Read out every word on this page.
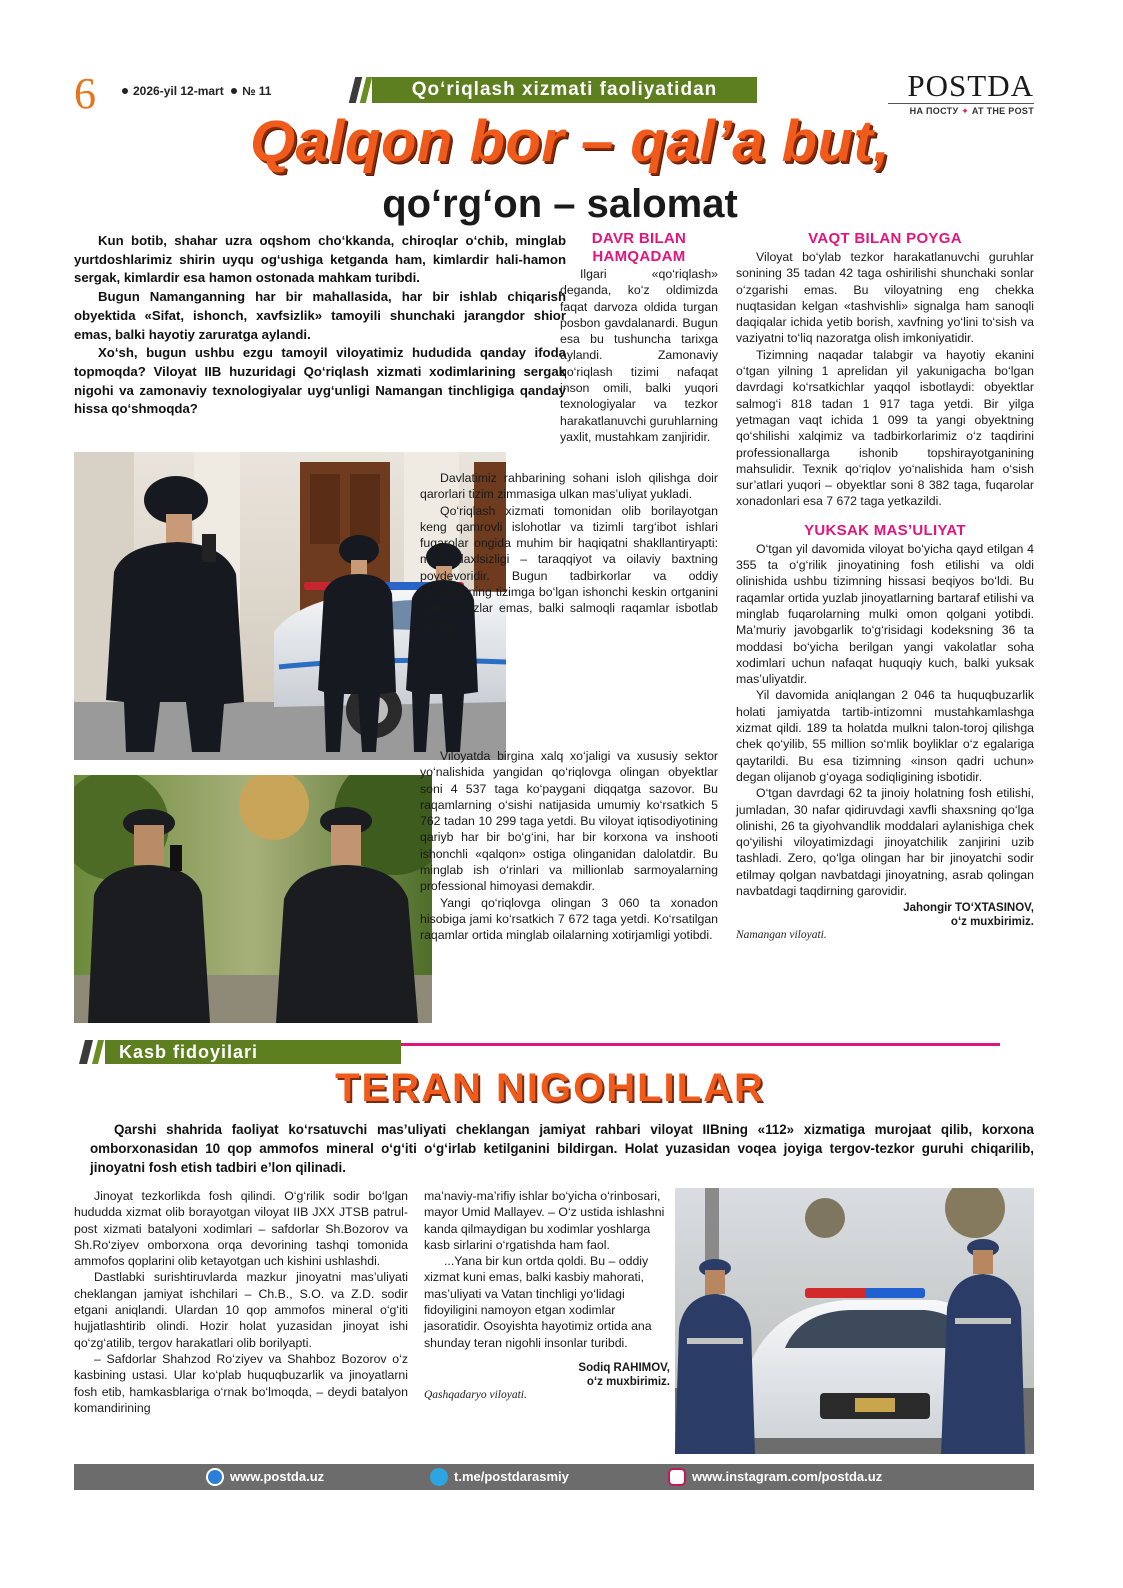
6	2026-yil 12-mart № 11	Qo‘riqlash xizmati faoliyatidan	POSTDA
НА ПОСТУ ✦ AT THE POST
Qalqon bor – qal’a but,
qo‘rg‘on – salomat

Kun botib, shahar uzra oqshom cho‘kkanda, chiroqlar o‘chib, minglab yurtdoshlarimiz shirin uyqu og‘ushiga ketganda ham, kimlardir hali-hamon sergak, kimlardir esa hamon ostonada mahkam turibdi.

Bugun Namanganning har bir mahallasida, har bir ishlab chiqarish obyektida «Sifat, ishonch, xavfsizlik» tamoyili shunchaki jarangdor shior emas, balki hayotiy zaruratga aylandi.

Xo‘sh, bugun ushbu ezgu tamoyil viloyatimiz hududida qanday ifoda topmoqda? Viloyat IIB huzuridagi Qo‘riqlash xizmati xodimlarining sergak nigohi va zamonaviy texnologiyalar uyg‘unligi Namangan tinchligiga qanday hissa qo‘shmoqda?

DAVR BILAN HAMQADAM

Ilgari «qo‘riqlash» deganda, ko‘z oldimizda faqat darvoza oldida turgan posbon gavdalanardi. Bugun esa bu tushuncha tarixga aylandi. Zamonaviy qo‘riqlash tizimi nafaqat inson omili, balki yuqori texnologiyalar va tezkor harakatlanuvchi guruhlarning yaxlit, mustahkam zanjiridir.

Davlatimiz rahbarining sohani isloh qilishga doir qarorlari tizim zimmasiga ulkan mas’uliyat yukladi.

Qo‘riqlash xizmati tomonidan olib borilayotgan keng qamrovli islohotlar va tizimli targ‘ibot ishlari fuqarolar ongida muhim bir haqiqatni shakllantiryapti: mulk daxlsizligi – taraqqiyot va oilaviy baxtning poydevoridir. Bugun tadbirkorlar va oddiy fuqarolarning tizimga bo‘lgan ishonchi keskin ortganini quruq so‘zlar emas, balki salmoqli raqamlar isbotlab turibdi.

Viloyatda birgina xalq xo‘jaligi va xususiy sektor yo‘nalishida yangidan qo‘riqlovga olingan obyektlar soni 4 537 taga ko‘paygani diqqatga sazovor. Bu raqamlarning o‘sishi natijasida umumiy ko‘rsatkich 5 762 tadan 10 299 taga yetdi. Bu viloyat iqtisodiyotining qariyb har bir bo‘g‘ini, har bir korxona va inshooti ishonchli «qalqon» ostiga olinganidan dalolatdir. Bu minglab ish o‘rinlari va millionlab sarmoyalarning professional himoyasi demakdir.

Yangi qo‘riqlovga olingan 3 060 ta xonadon hisobiga jami ko‘rsatkich 7 672 taga yetdi. Ko‘rsatilgan raqamlar ortida minglab oilalarning xotirjamligi yotibdi.

VAQT BILAN POYGA

Viloyat bo‘ylab tezkor harakatlanuvchi guruhlar sonining 35 tadan 42 taga oshirilishi shunchaki sonlar o‘zgarishi emas. Bu viloyatning eng chekka nuqtasidan kelgan «tashvishli» signalga ham sanoqli daqiqalar ichida yetib borish, xavfning yo‘lini to‘sish va vaziyatni to‘liq nazoratga olish imkoniyatidir.

Tizimning naqadar talabgir va hayotiy ekanini o‘tgan yilning 1 aprelidan yil yakunigacha bo‘lgan davrdagi ko‘rsatkichlar yaqqol isbotlaydi: obyektlar salmog‘i 818 tadan 1 917 taga yetdi. Bir yilga yetmagan vaqt ichida 1 099 ta yangi obyektning qo‘shilishi xalqimiz va tadbirkorlarimiz o‘z taqdirini professionallarga ishonib topshirayotganining mahsulidir. Texnik qo‘riqlov yo‘nalishida ham o‘sish sur’atlari yuqori – obyektlar soni 8 382 taga, fuqarolar xonadonlari esa 7 672 taga yetkazildi.

YUKSAK MAS’ULIYAT

O‘tgan yil davomida viloyat bo‘yicha qayd etilgan 4 355 ta o‘g‘rilik jinoyatining fosh etilishi va oldi olinishida ushbu tizimning hissasi beqiyos bo‘ldi. Bu raqamlar ortida yuzlab jinoyatlarning bartaraf etilishi va minglab fuqarolarning mulki omon qolgani yotibdi. Ma’muriy javobgarlik to‘g‘risidagi kodeksning 36 ta moddasi bo‘yicha berilgan yangi vakolatlar soha xodimlari uchun nafaqat huquqiy kuch, balki yuksak mas’uliyatdir.

Yil davomida aniqlangan 2 046 ta huquqbuzarlik holati jamiyatda tartib-intizomni mustahkamlashga xizmat qildi. 189 ta holatda mulkni talon-toroj qilishga chek qo‘yilib, 55 million so‘mlik boyliklar o‘z egalariga qaytarildi. Bu esa tizimning «inson qadri uchun» degan olijanob g‘oyaga sodiqligining isbotidir.

O‘tgan davrdagi 62 ta jinoiy holatning fosh etilishi, jumladan, 30 nafar qidiruvdagi xavfli shaxsning qo‘lga olinishi, 26 ta giyohvandlik moddalari aylanishiga chek qo‘yilishi viloyatimizdagi jinoyatchilik zanjirini uzib tashladi. Zero, qo‘lga olingan har bir jinoyatchi sodir etilmay qolgan navbatdagi jinoyatning, asrab qolingan navbatdagi taqdirning garovidir.

Jahongir TO‘XTASINOV,
o‘z muxbirimiz.
Namangan viloyati.
Kasb fidoyilari
TERAN NIGOHLILAR

Qarshi shahrida faoliyat ko‘rsatuvchi mas’uliyati cheklangan jamiyat rahbari viloyat IIBning «112» xizmatiga murojaat qilib, korxona omborxonasidan 10 qop ammofos mineral o‘g‘iti o‘g‘irlab ketilganini bildirgan. Holat yuzasidan voqea joyiga tergov-tezkor guruhi chiqarilib, jinoyatni fosh etish tadbiri e’lon qilinadi.

Jinoyat tezkorlikda fosh qilindi. O‘g‘rilik sodir bo‘lgan hududda xizmat olib borayotgan viloyat IIB JXX JTSB patrul-post xizmati batalyoni xodimlari – safdorlar Sh.Bozorov va Sh.Ro‘ziyev omborxona orqa devorining tashqi tomonida ammofos qoplarini olib ketayotgan uch kishini ushlashdi.

Dastlabki surishtiruvlarda mazkur jinoyatni mas’uliyati cheklangan jamiyat ishchilari – Ch.B., S.O. va Z.D. sodir etgani aniqlandi. Ulardan 10 qop ammofos mineral o‘g‘iti hujjatlashtirib olindi. Hozir holat yuzasidan jinoyat ishi qo‘zg‘atilib, tergov harakatlari olib borilyapti.

– Safdorlar Shahzod Ro‘ziyev va Shahboz Bozorov o‘z kasbining ustasi. Ular ko‘plab huquqbuzarlik va jinoyatlarni fosh etib, hamkasblariga o‘rnak bo‘lmoqda, – deydi batalyon komandirining

ma’naviy-ma’rifiy ishlar bo‘yicha o‘rinbosari, mayor Umid Mallayev. – O‘z ustida ishlashni kanda qilmaydigan bu xodimlar yoshlarga kasb sirlarini o‘rgatishda ham faol.

...Yana bir kun ortda qoldi. Bu – oddiy xizmat kuni emas, balki kasbiy mahorati, mas’uliyati va Vatan tinchligi yo‘lidagi fidoyiligini namoyon etgan xodimlar jasoratidir. Osoyishta hayotimiz ortida ana shunday teran nigohli insonlar turibdi.

Sodiq RAHIMOV,
o‘z muxbirimiz.
Qashqadaryo viloyati.
www.postda.uz	t.me/postdarasmiy	www.instagram.com/postda.uz
